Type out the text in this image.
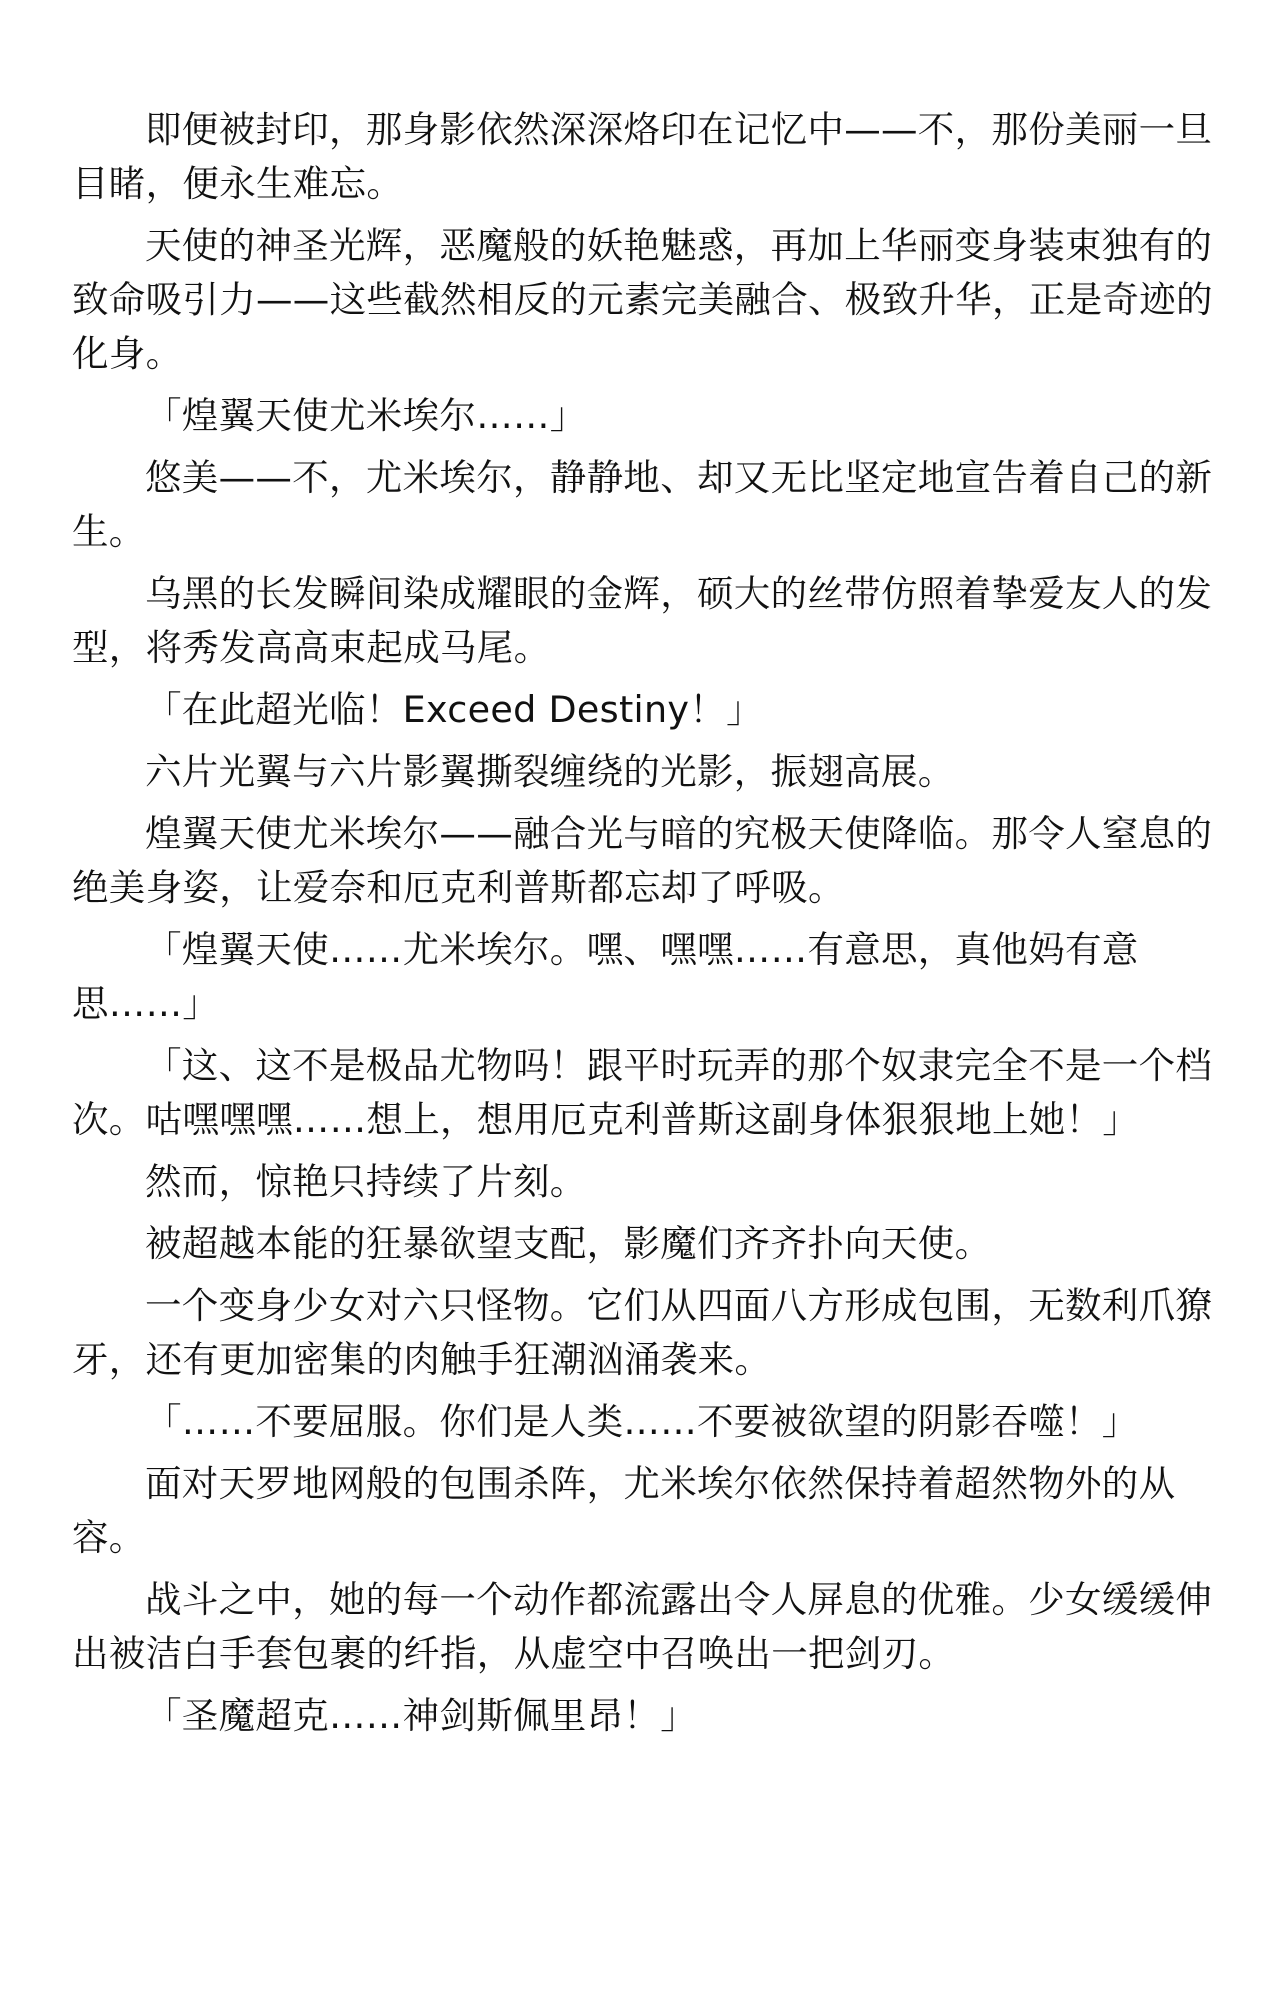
即便被封印，那身影依然深深烙印在记忆中——不，那份美丽一旦目睹，便永生难忘。

天使的神圣光辉，恶魔般的妖艳魅惑，再加上华丽变身装束独有的致命吸引力——这些截然相反的元素完美融合、极致升华，正是奇迹的化身。

「煌翼天使尤米埃尔……」

悠美——不，尤米埃尔，静静地、却又无比坚定地宣告着自己的新生。

乌黑的长发瞬间染成耀眼的金辉，硕大的丝带仿照着挚爱友人的发型，将秀发高高束起成马尾。

「在此超光临！Exceed Destiny！」

六片光翼与六片影翼撕裂缠绕的光影，振翅高展。

煌翼天使尤米埃尔——融合光与暗的究极天使降临。那令人窒息的绝美身姿，让爱奈和厄克利普斯都忘却了呼吸。

「煌翼天使……尤米埃尔。嘿、嘿嘿……有意思，真他妈有意思……」

「这、这不是极品尤物吗！跟平时玩弄的那个奴隶完全不是一个档次。咕嘿嘿嘿……想上，想用厄克利普斯这副身体狠狠地上她！」

然而，惊艳只持续了片刻。

被超越本能的狂暴欲望支配，影魔们齐齐扑向天使。

一个变身少女对六只怪物。它们从四面八方形成包围，无数利爪獠牙，还有更加密集的肉触手狂潮汹涌袭来。

「……不要屈服。你们是人类……不要被欲望的阴影吞噬！」

面对天罗地网般的包围杀阵，尤米埃尔依然保持着超然物外的从容。

战斗之中，她的每一个动作都流露出令人屏息的优雅。少女缓缓伸出被洁白手套包裹的纤指，从虚空中召唤出一把剑刃。

「圣魔超克……神剑斯佩里昂！」
